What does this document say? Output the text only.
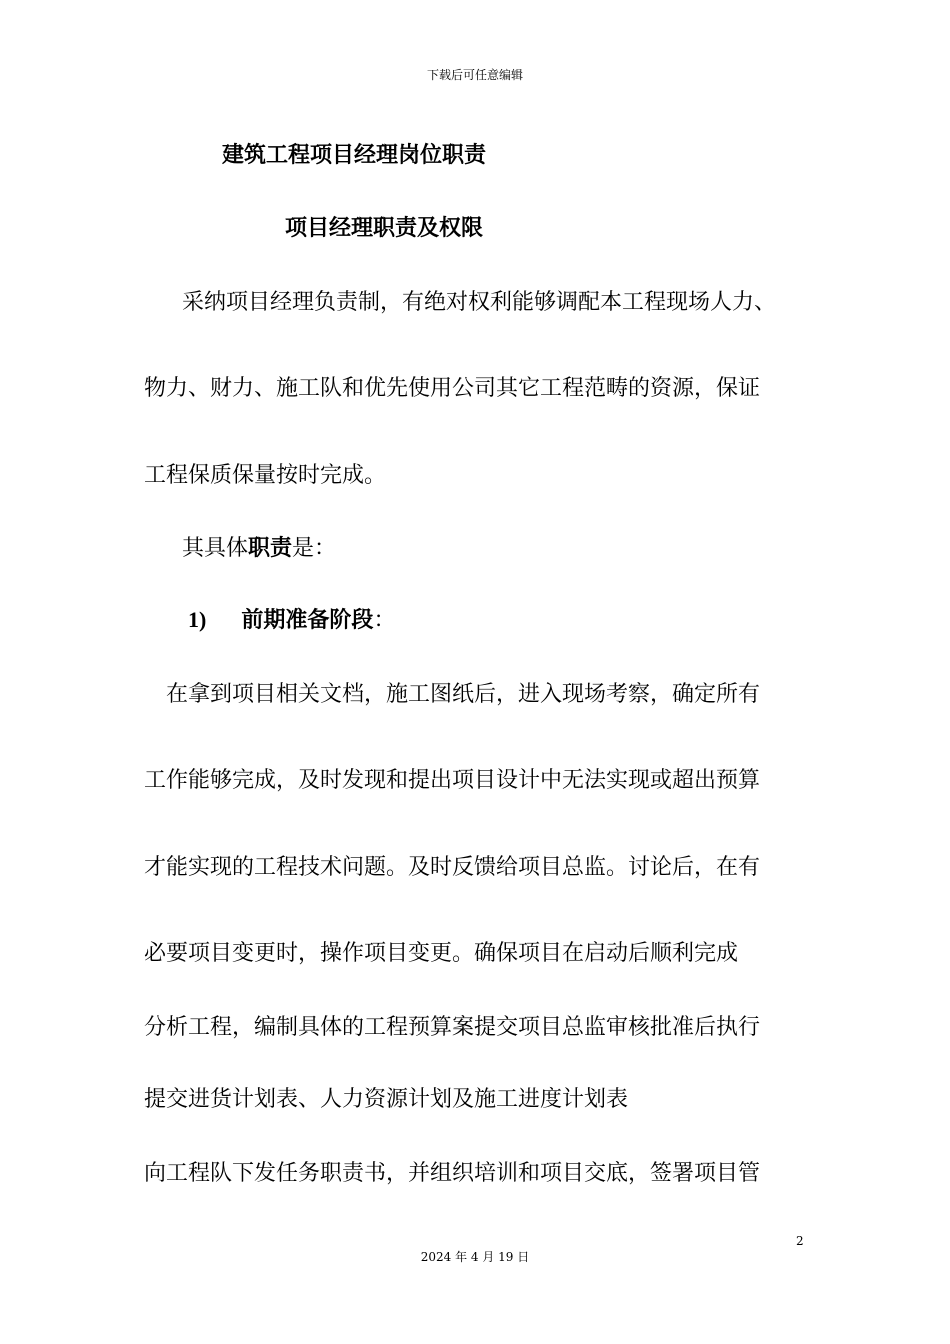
下载后可任意编辑
建筑工程项目经理岗位职责
项目经理职责及权限
采纳项目经理负责制，有绝对权利能够调配本工程现场人力、
物力、财力、施工队和优先使用公司其它工程范畴的资源，保证
工程保质保量按时完成。
其具体职责是：
1) 前期准备阶段：
在拿到项目相关文档，施工图纸后，进入现场考察，确定所有
工作能够完成，及时发现和提出项目设计中无法实现或超出预算
才能实现的工程技术问题。及时反馈给项目总监。讨论后，在有
必要项目变更时，操作项目变更。确保项目在启动后顺利完成
分析工程，编制具体的工程预算案提交项目总监审核批准后执行
提交进货计划表、人力资源计划及施工进度计划表
向工程队下发任务职责书，并组织培训和项目交底，签署项目管
2
2024 年 4 月 19 日
